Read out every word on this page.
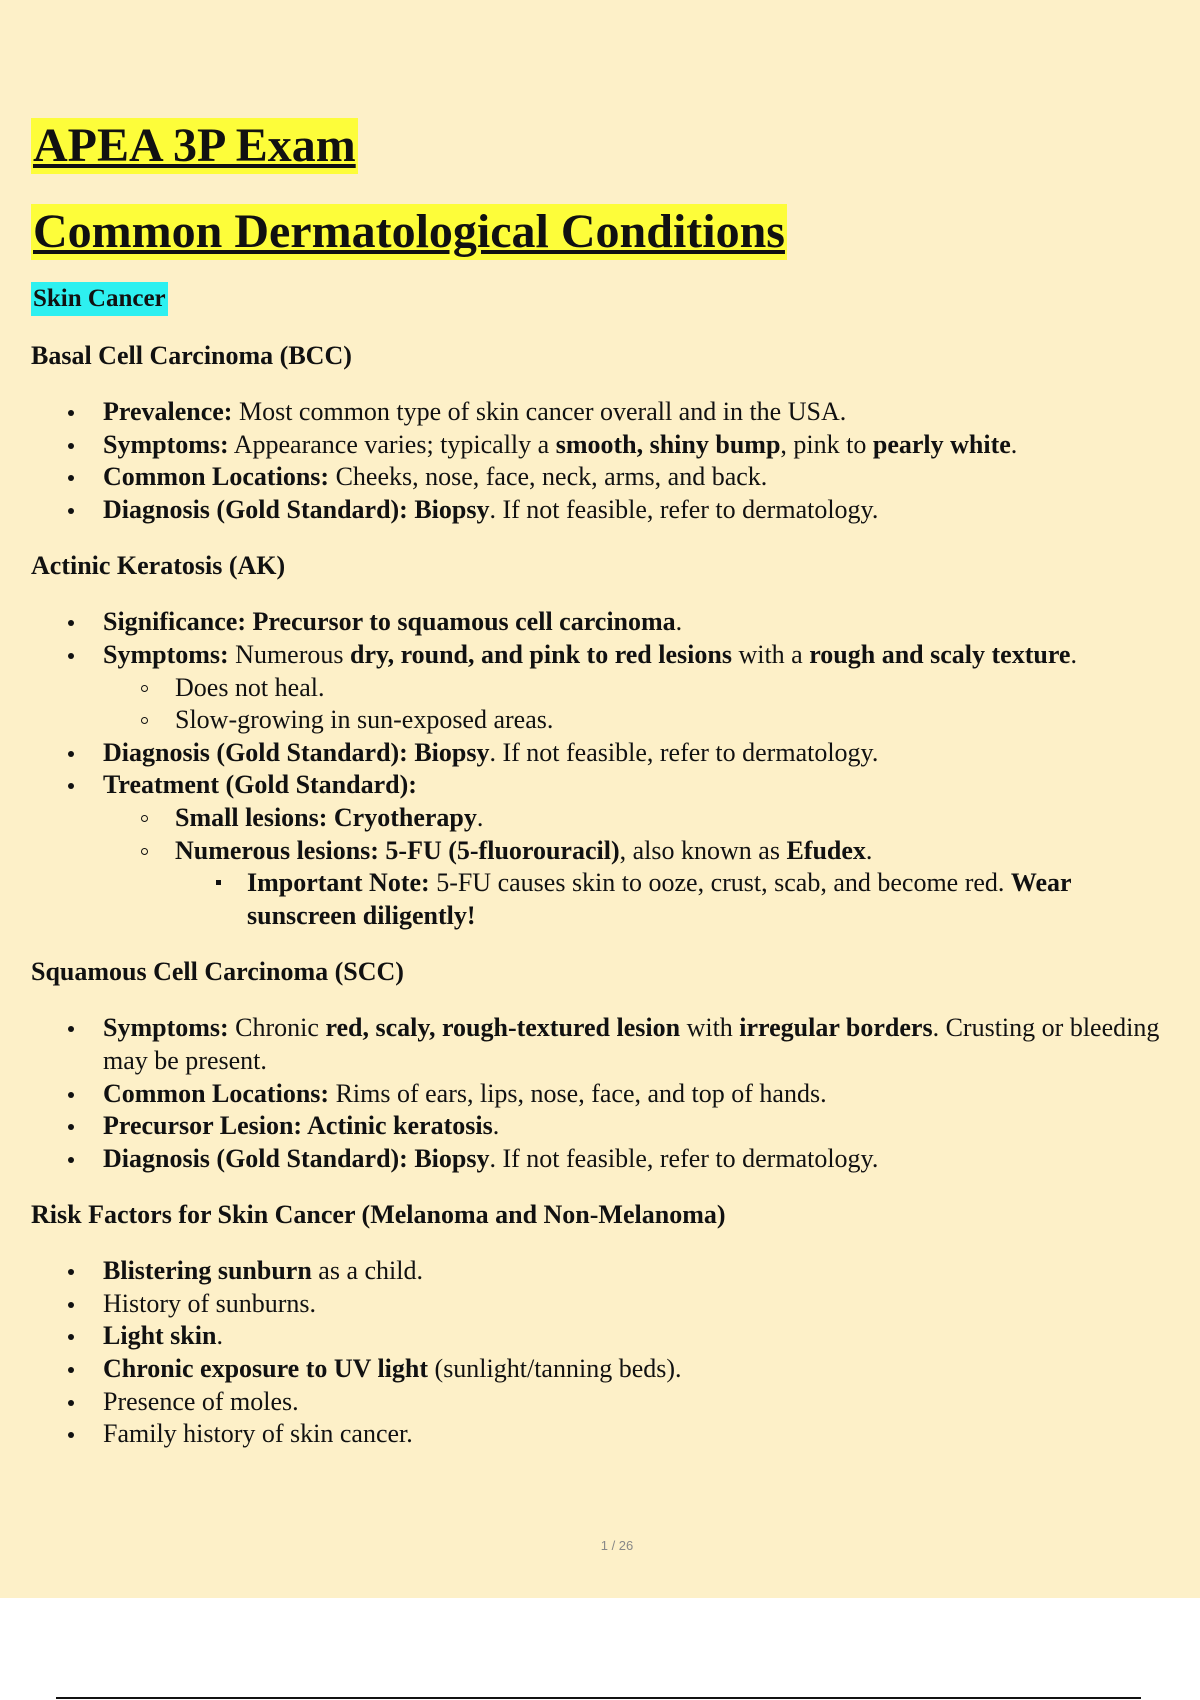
APEA 3P Exam
Common Dermatological Conditions
Skin Cancer
Basal Cell Carcinoma (BCC)
Prevalence: Most common type of skin cancer overall and in the USA.
Symptoms: Appearance varies; typically a smooth, shiny bump, pink to pearly white.
Common Locations: Cheeks, nose, face, neck, arms, and back.
Diagnosis (Gold Standard): Biopsy. If not feasible, refer to dermatology.
Actinic Keratosis (AK)
Significance: Precursor to squamous cell carcinoma.
Symptoms: Numerous dry, round, and pink to red lesions with a rough and scaly texture.
Does not heal.
Slow-growing in sun-exposed areas.
Diagnosis (Gold Standard): Biopsy. If not feasible, refer to dermatology.
Treatment (Gold Standard):
Small lesions: Cryotherapy.
Numerous lesions: 5-FU (5-fluorouracil), also known as Efudex.
Important Note: 5-FU causes skin to ooze, crust, scab, and become red. Wear sunscreen diligently!
Squamous Cell Carcinoma (SCC)
Symptoms: Chronic red, scaly, rough-textured lesion with irregular borders. Crusting or bleeding may be present.
Common Locations: Rims of ears, lips, nose, face, and top of hands.
Precursor Lesion: Actinic keratosis.
Diagnosis (Gold Standard): Biopsy. If not feasible, refer to dermatology.
Risk Factors for Skin Cancer (Melanoma and Non-Melanoma)
Blistering sunburn as a child.
History of sunburns.
Light skin.
Chronic exposure to UV light (sunlight/tanning beds).
Presence of moles.
Family history of skin cancer.
1 / 26
